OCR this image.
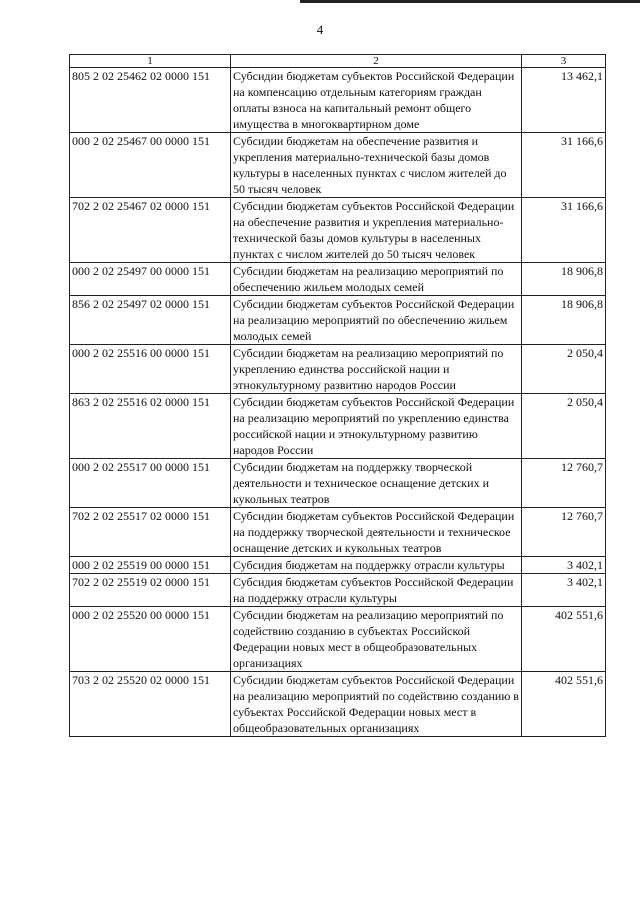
4
1	2	3
805 2 02 25462 02 0000 151	Субсидии бюджетам субъектов Российской Федерации на компенсацию отдельным категориям граждан оплаты взноса на капитальный ремонт общего имущества в многоквартирном доме	13 462,1
000 2 02 25467 00 0000 151	Субсидии бюджетам на обеспечение развития и укрепления материально-технической базы домов культуры в населенных пунктах с числом жителей до 50 тысяч человек	31 166,6
702 2 02 25467 02 0000 151	Субсидии бюджетам субъектов Российской Федерации на обеспечение развития и укрепления материально-технической базы домов культуры в населенных пунктах с числом жителей до 50 тысяч человек	31 166,6
000 2 02 25497 00 0000 151	Субсидии бюджетам на реализацию мероприятий по обеспечению жильем молодых семей	18 906,8
856 2 02 25497 02 0000 151	Субсидии бюджетам субъектов Российской Федерации на реализацию мероприятий по обеспечению жильем молодых семей	18 906,8
000 2 02 25516 00 0000 151	Субсидии бюджетам на реализацию мероприятий по укреплению единства российской нации и этнокультурному развитию народов России	2 050,4
863 2 02 25516 02 0000 151	Субсидии бюджетам субъектов Российской Федерации на реализацию мероприятий по укреплению единства российской нации и этнокультурному развитию народов России	2 050,4
000 2 02 25517 00 0000 151	Субсидии бюджетам на поддержку творческой деятельности и техническое оснащение детских и кукольных театров	12 760,7
702 2 02 25517 02 0000 151	Субсидии бюджетам субъектов Российской Федерации на поддержку творческой деятельности и техническое оснащение детских и кукольных театров	12 760,7
000 2 02 25519 00 0000 151	Субсидия бюджетам на поддержку отрасли культуры	3 402,1
702 2 02 25519 02 0000 151	Субсидия бюджетам субъектов Российской Федерации на поддержку отрасли культуры	3 402,1
000 2 02 25520 00 0000 151	Субсидии бюджетам на реализацию мероприятий по содействию созданию в субъектах Российской Федерации новых мест в общеобразовательных организациях	402 551,6
703 2 02 25520 02 0000 151	Субсидии бюджетам субъектов Российской Федерации на реализацию мероприятий по содействию созданию в субъектах Российской Федерации новых мест в общеобразовательных организациях	402 551,6
